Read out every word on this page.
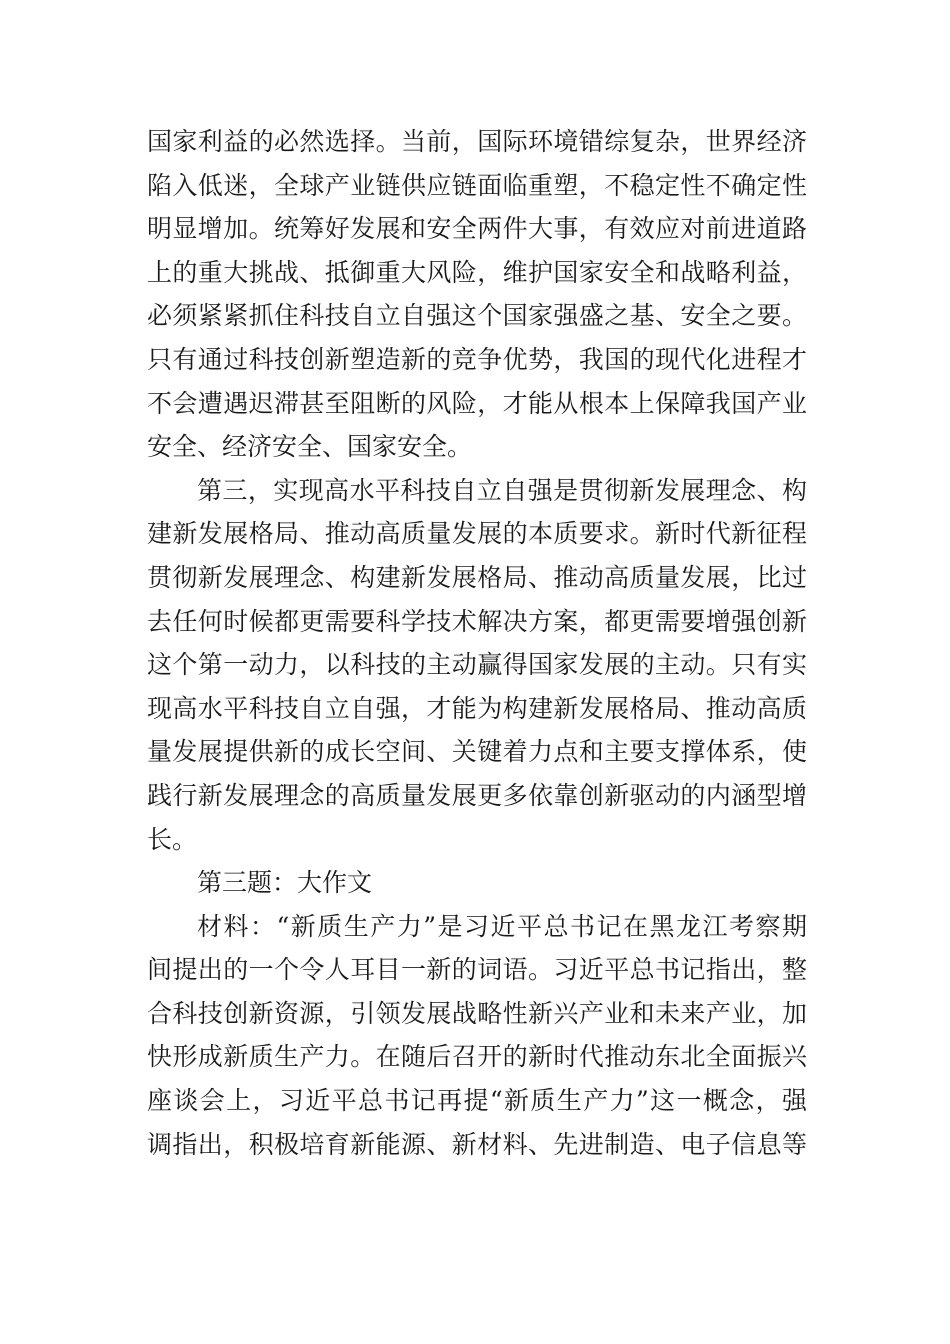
国家利益的必然选择。当前，国际环境错综复杂，世界经济
陷入低迷，全球产业链供应链面临重塑，不稳定性不确定性
明显增加。统筹好发展和安全两件大事，有效应对前进道路
上的重大挑战、抵御重大风险，维护国家安全和战略利益，
必须紧紧抓住科技自立自强这个国家强盛之基、安全之要。
只有通过科技创新塑造新的竞争优势，我国的现代化进程才
不会遭遇迟滞甚至阻断的风险，才能从根本上保障我国产业
安全、经济安全、国家安全。
第三，实现高水平科技自立自强是贯彻新发展理念、构
建新发展格局、推动高质量发展的本质要求。新时代新征程
贯彻新发展理念、构建新发展格局、推动高质量发展，比过
去任何时候都更需要科学技术解决方案，都更需要增强创新
这个第一动力，以科技的主动赢得国家发展的主动。只有实
现高水平科技自立自强，才能为构建新发展格局、推动高质
量发展提供新的成长空间、关键着力点和主要支撑体系，使
践行新发展理念的高质量发展更多依靠创新驱动的内涵型增
长。
第三题：大作文
材料：“新质生产力”是习近平总书记在黑龙江考察期
间提出的一个令人耳目一新的词语。习近平总书记指出，整
合科技创新资源，引领发展战略性新兴产业和未来产业，加
快形成新质生产力。在随后召开的新时代推动东北全面振兴
座谈会上，习近平总书记再提“新质生产力”这一概念，强
调指出，积极培育新能源、新材料、先进制造、电子信息等
